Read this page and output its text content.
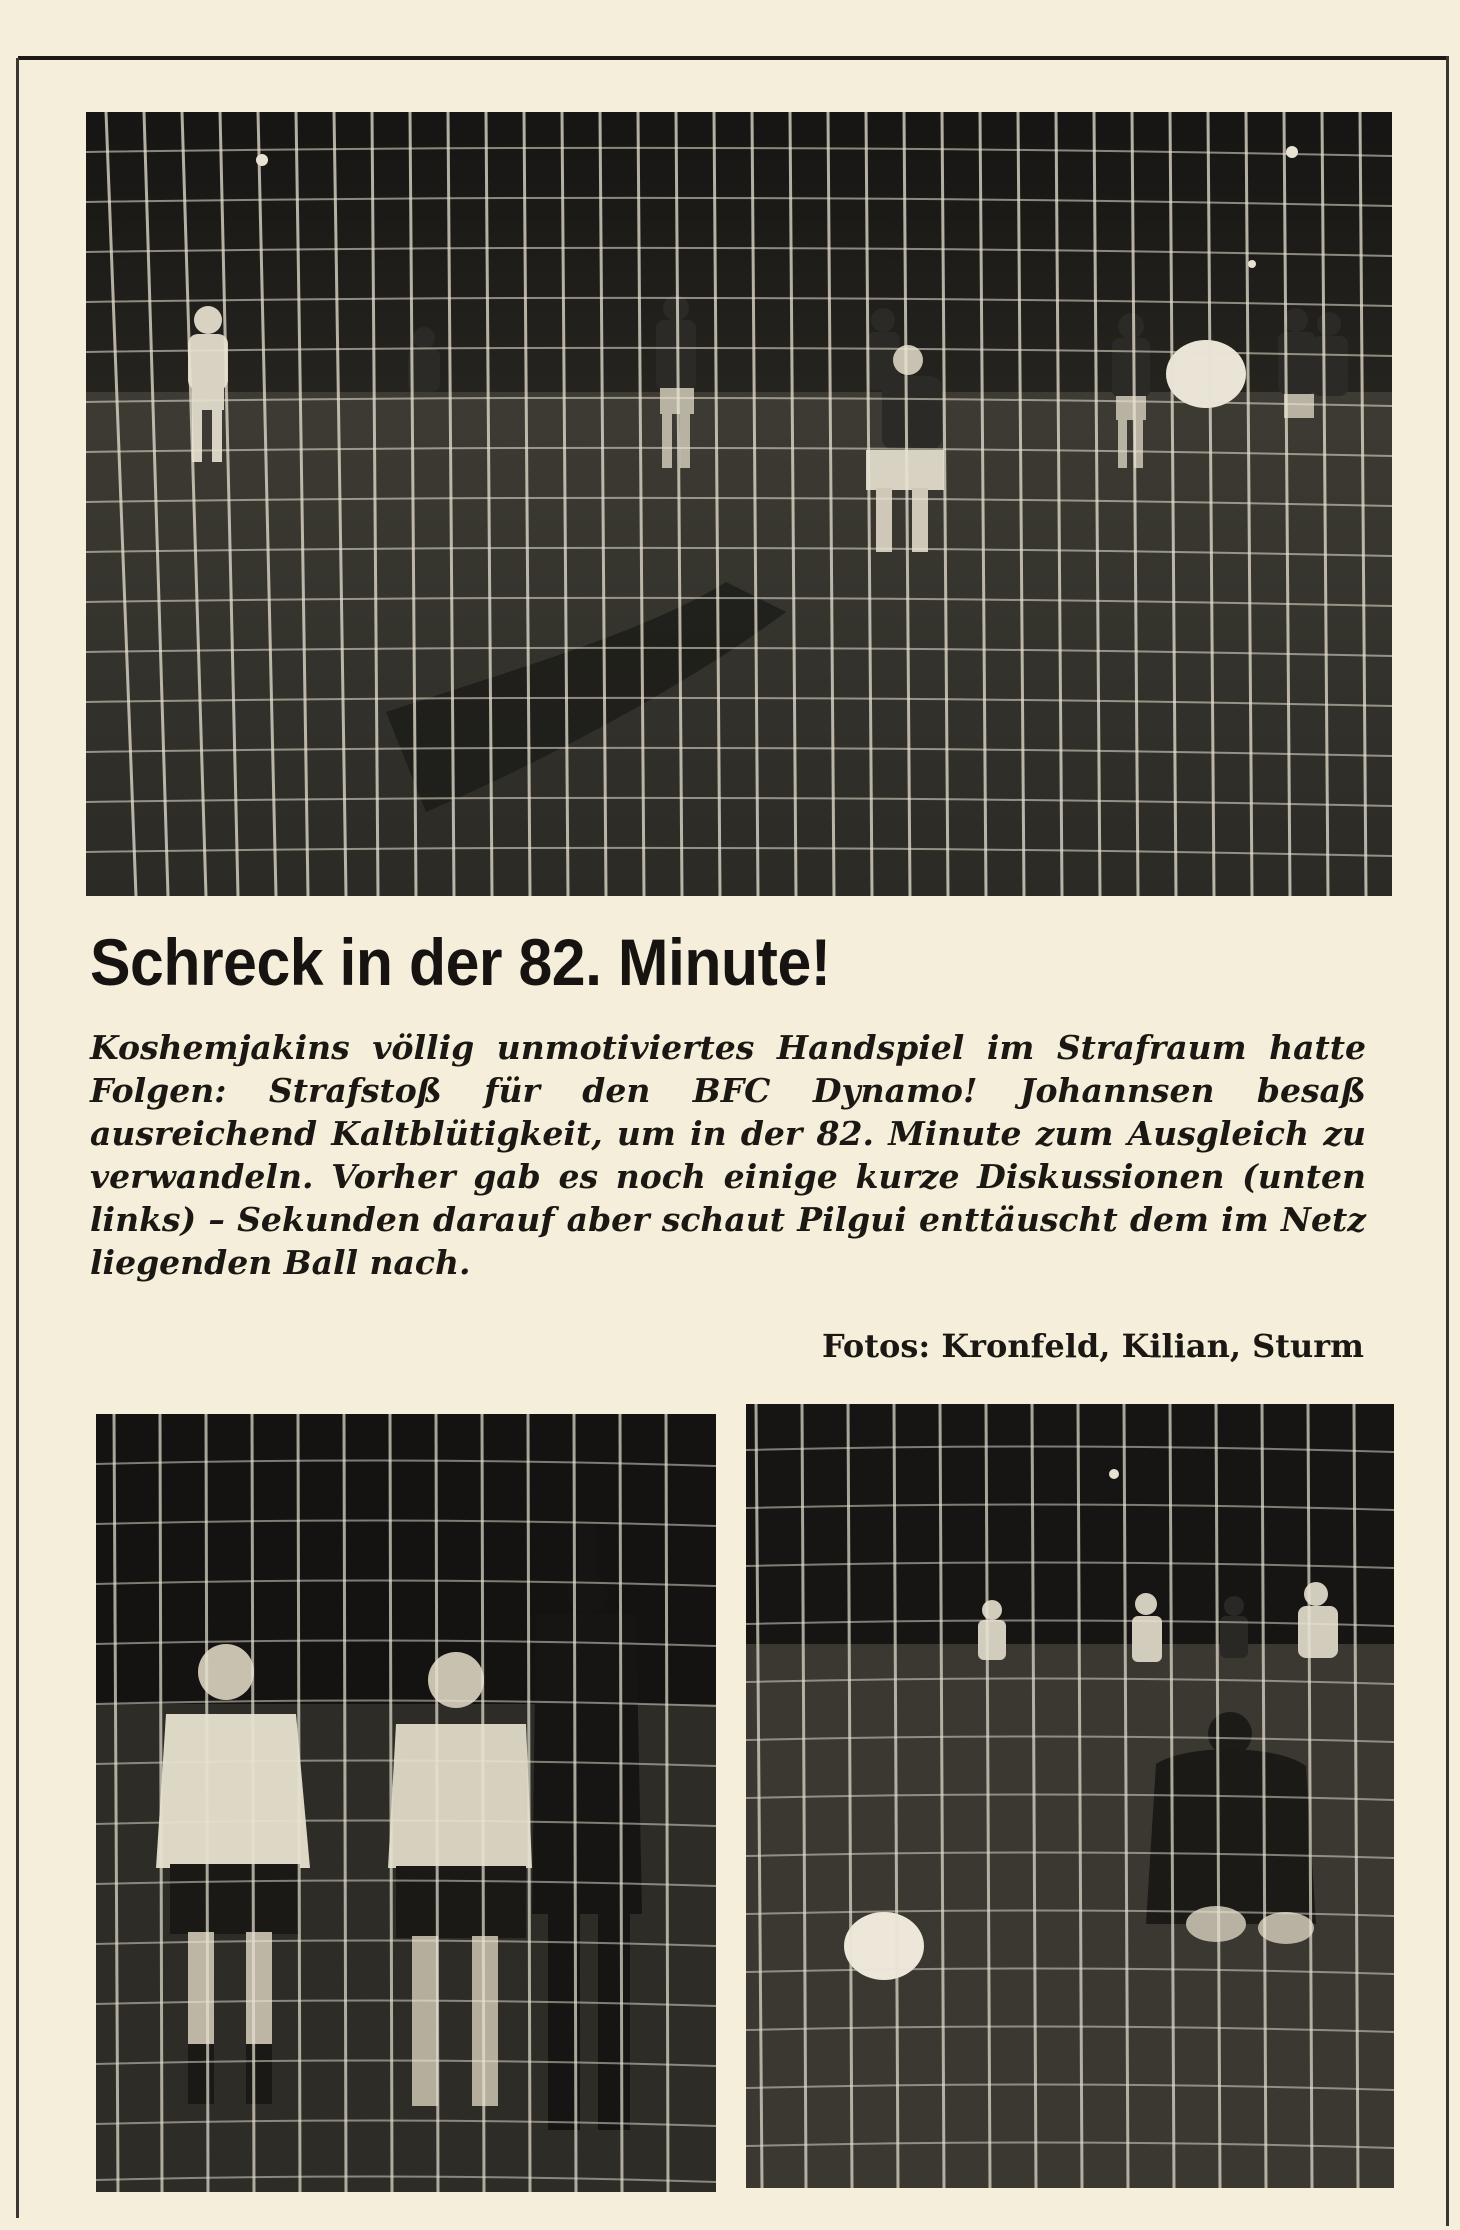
Schreck in der 82. Minute!

Koshemjakins völlig unmotiviertes Handspiel im Strafraum hatte Folgen: Strafstoß für den BFC Dynamo! Johannsen besaß ausreichend Kaltblütigkeit, um in der 82. Minute zum Ausgleich zu verwandeln. Vorher gab es noch einige kurze Diskussionen (unten links) – Sekunden darauf aber schaut Pilgui enttäuscht dem im Netz liegenden Ball nach.

Fotos: Kronfeld, Kilian, Sturm
